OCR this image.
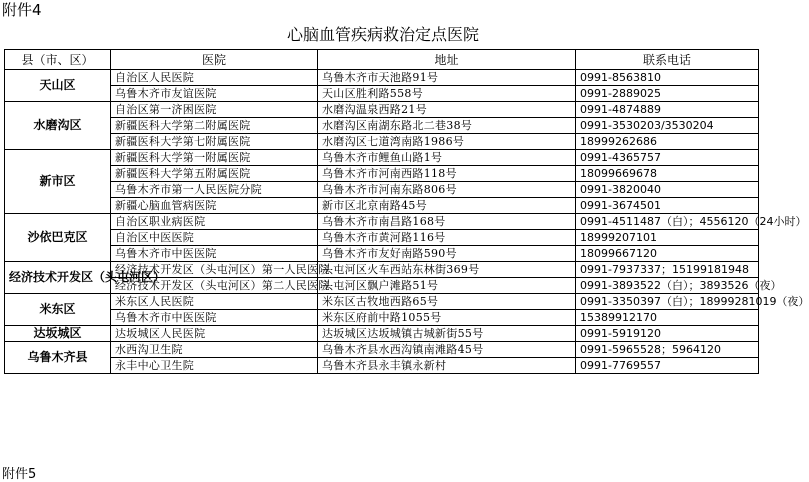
附件4
心脑血管疾病救治定点医院
县（市、区）	医院	地址	联系电话
天山区	自治区人民医院	乌鲁木齐市天池路91号	0991-8563810
	乌鲁木齐市友谊医院	天山区胜利路558号	0991-2889025
水磨沟区	自治区第一济困医院	水磨沟温泉西路21号	0991-4874889
	新疆医科大学第二附属医院	水磨沟区南湖东路北二巷38号	0991-3530203/3530204
	新疆医科大学第七附属医院	水磨沟区七道湾南路1986号	18999262686
新市区	新疆医科大学第一附属医院	乌鲁木齐市鲤鱼山路1号	0991-4365757
	新疆医科大学第五附属医院	乌鲁木齐市河南西路118号	18099669678
	乌鲁木齐市第一人民医院分院	乌鲁木齐市河南东路806号	0991-3820040
	新疆心脑血管病医院	新市区北京南路45号	0991-3674501
沙依巴克区	自治区职业病医院	乌鲁木齐市南昌路168号	0991-4511487（白）；4556120（24小时）
	自治区中医医院	乌鲁木齐市黄河路116号	18999207101
	乌鲁木齐市中医医院	乌鲁木齐市友好南路590号	18099667120
经济技术开发区（头屯河区）	经济技术开发区（头屯河区）第一人民医院	头屯河区火车西站东林街369号	0991-7937337；15199181948
	经济技术开发区（头屯河区）第二人民医院	头屯河区飘户滩路51号	0991-3893522（白）；3893526（夜）
米东区	米东区人民医院	米东区古牧地西路65号	0991-3350397（白）；18999281019（夜）
	乌鲁木齐市中医医院	米东区府前中路1055号	15389912170
达坂城区	达坂城区人民医院	达坂城区达坂城镇古城新街55号	0991-5919120
乌鲁木齐县	水西沟卫生院	乌鲁木齐县水西沟镇南滩路45号	0991-5965528；5964120
	永丰中心卫生院	乌鲁木齐县永丰镇永新村	0991-7769557
附件5
